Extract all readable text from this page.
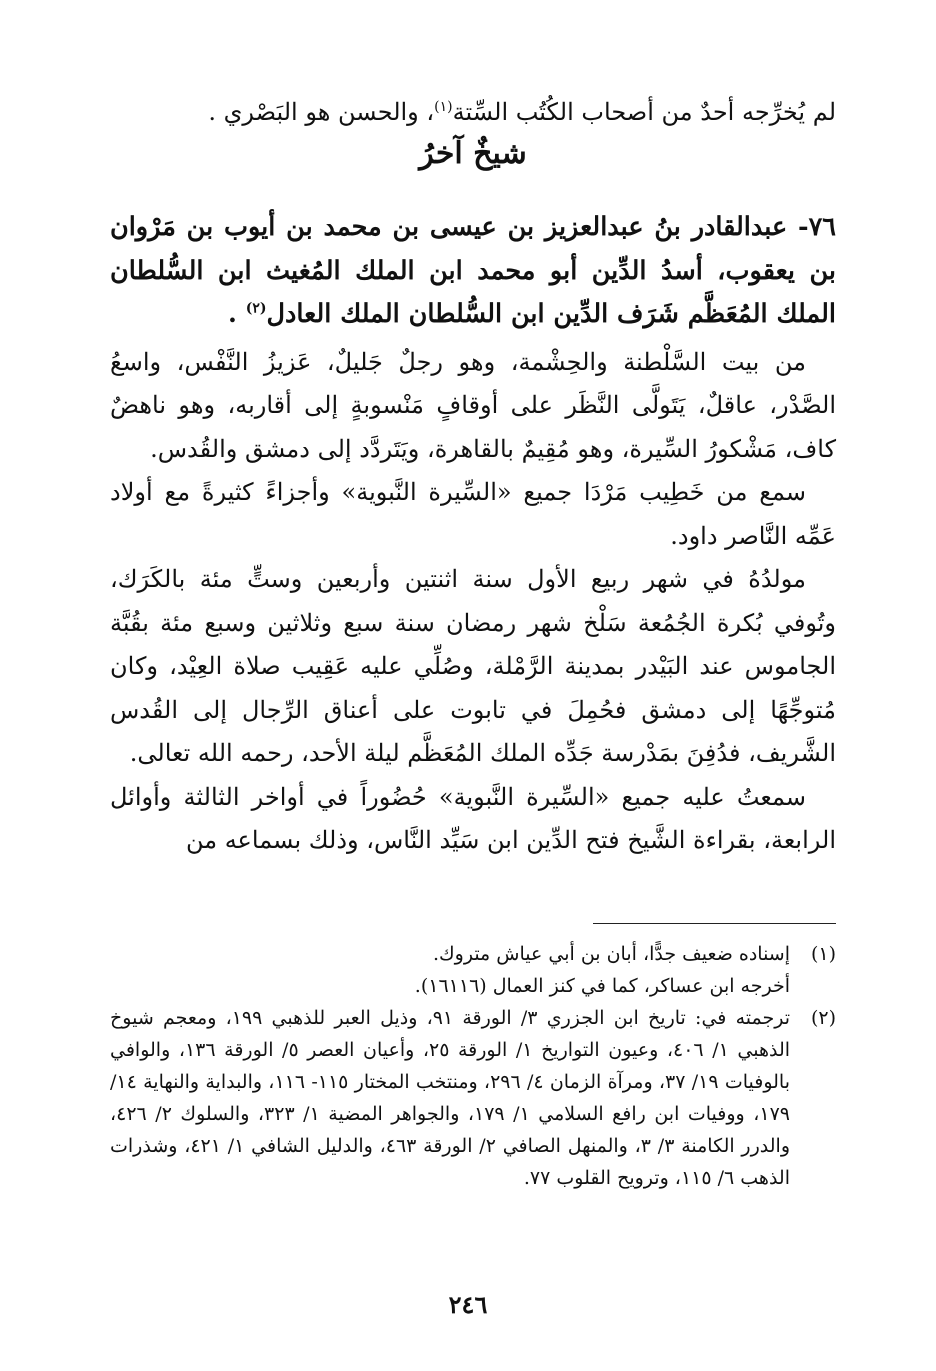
لم يُخرِّجه أحدٌ من أصحاب الكُتُب السِّتة$^{(١)}$، والحسن هو البَصْري .

شيخٌ آخرُ

٧٦- عبدالقادر بنُ عبدالعزيز بن عيسى بن محمد بن أيوب بن مَرْوان بن يعقوب، أسدُ الدِّين أبو محمد ابن الملك المُغيث ابن السُّلطان الملك المُعَظَّم شَرَف الدِّين ابن السُّلطان الملك العادل$^{(٢)}$ .

من بيت السَّلْطنة والحِشْمة، وهو رجلٌ جَليلٌ، عَزيزُ النَّفْس، واسعُ الصَّدْر، عاقلٌ، يَتَولَّى النَّظَر على أوقافٍ مَنْسوبةٍ إلى أقاربه، وهو ناهضٌ كاف، مَشْكورُ السِّيرة، وهو مُقِيمٌ بالقاهرة، ويَتَردَّد إلى دمشق والقُدس.

سمع من خَطِيب مَرْدَا جميع «السِّيرة النَّبوية» وأجزاءً كثيرةً مع أولاد عَمِّه النَّاصر داود.

مولدُهُ في شهر ربيع الأول سنة اثنتين وأربعين وستٍّ مئة بالكَرَك، وتُوفي بُكرة الجُمُعة سَلْخ شهر رمضان سنة سبع وثلاثين وسبع مئة بقُبَّة الجاموس عند البَيْدر بمدينة الرَّمْلة، وصُلِّي عليه عَقِيب صلاة العِيْد، وكان مُتوجِّهًا إلى دمشق فحُمِلَ في تابوت على أعناق الرِّجال إلى القُدس الشَّريف، فدُفِنَ بمَدْرسة جَدِّه الملك المُعَظَّم ليلة الأحد، رحمه الله تعالى.

سمعتُ عليه جميع «السِّيرة النَّبوية» حُضُوراً في أواخر الثالثة وأوائل الرابعة، بقراءة الشَّيخ فتح الدِّين ابن سَيِّد النَّاس، وذلك بسماعه من

(١)
إسناده ضعيف جدًّا، أبان بن أبي عياش متروك.
أخرجه ابن عساكر، كما في كنز العمال (١٦١١٦).
(٢)
ترجمته في: تاريخ ابن الجزري ٣/ الورقة ٩١، وذيل العبر للذهبي ١٩٩، ومعجم شيوخ الذهبي ١/ ٤٠٦، وعيون التواريخ ١/ الورقة ٢٥، وأعيان العصر ٥/ الورقة ١٣٦، والوافي بالوفيات ١٩/ ٣٧، ومرآة الزمان ٤/ ٢٩٦، ومنتخب المختار ١١٥- ١١٦، والبداية والنهاية ١٤/ ١٧٩، ووفيات ابن رافع السلامي ١/ ١٧٩، والجواهر المضية ١/ ٣٢٣، والسلوك ٢/ ٤٢٦، والدرر الكامنة ٣/ ٣، والمنهل الصافي ٢/ الورقة ٤٦٣، والدليل الشافي ١/ ٤٢١، وشذرات الذهب ٦/ ١١٥، وترويح القلوب ٧٧.
٢٤٦
